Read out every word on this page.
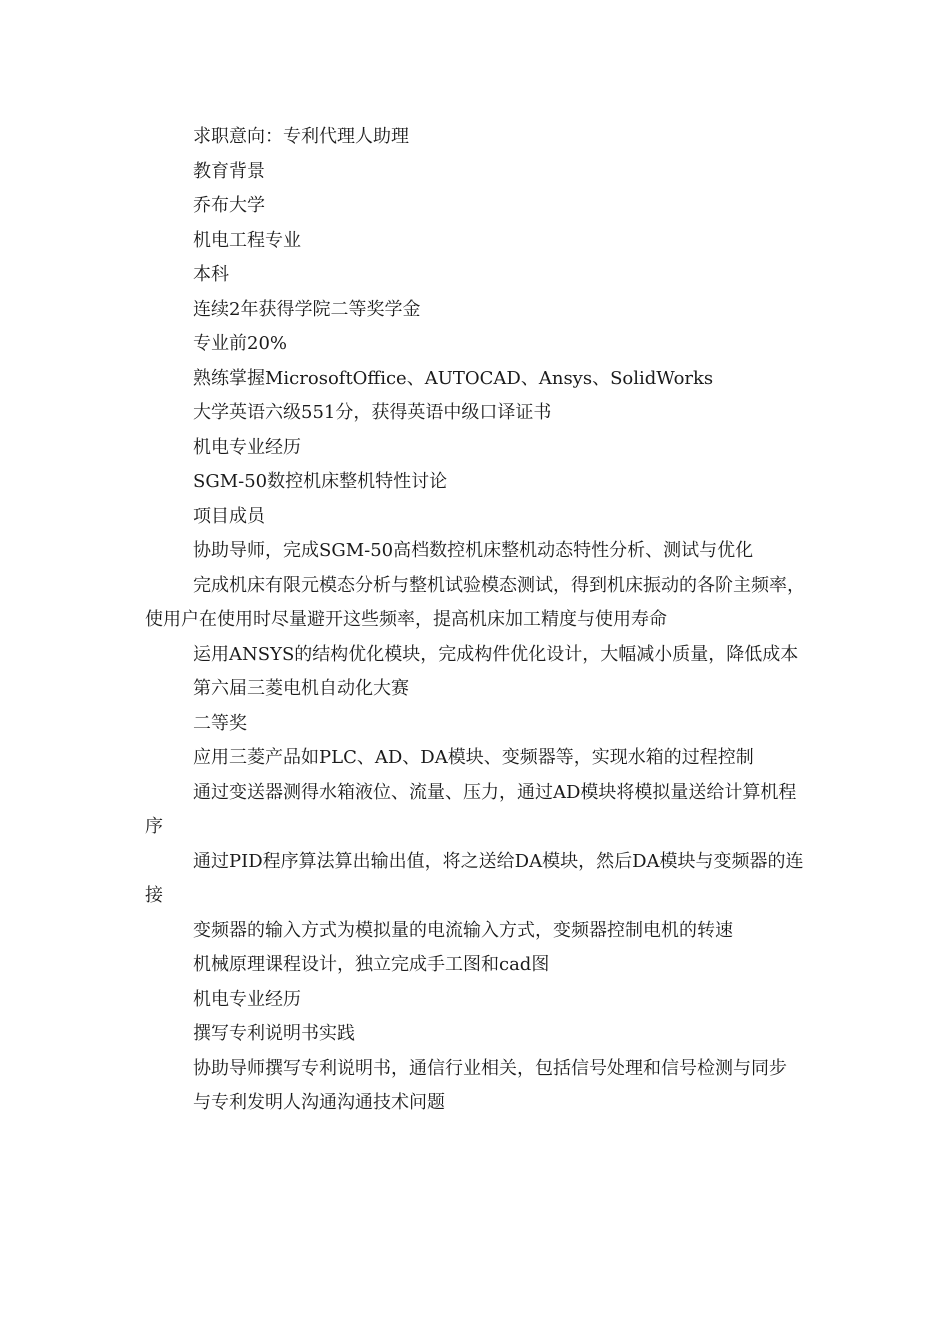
求职意向：专利代理人助理

教育背景

乔布大学

机电工程专业

本科

连续2年获得学院二等奖学金

专业前20%

熟练掌握MicrosoftOffice、AUTOCAD、Ansys、SolidWorks

大学英语六级551分，获得英语中级口译证书

机电专业经历

SGM-50数控机床整机特性讨论

项目成员

协助导师，完成SGM-50高档数控机床整机动态特性分析、测试与优化

完成机床有限元模态分析与整机试验模态测试，得到机床振动的各阶主频率，使用户在使用时尽量避开这些频率，提高机床加工精度与使用寿命

运用ANSYS的结构优化模块，完成构件优化设计，大幅减小质量，降低成本

第六届三菱电机自动化大赛

二等奖

应用三菱产品如PLC、AD、DA模块、变频器等，实现水箱的过程控制

通过变送器测得水箱液位、流量、压力，通过AD模块将模拟量送给计算机程序

通过PID程序算法算出输出值，将之送给DA模块，然后DA模块与变频器的连接

变频器的输入方式为模拟量的电流输入方式，变频器控制电机的转速

机械原理课程设计，独立完成手工图和cad图

机电专业经历

撰写专利说明书实践

协助导师撰写专利说明书，通信行业相关，包括信号处理和信号检测与同步

与专利发明人沟通沟通技术问题
